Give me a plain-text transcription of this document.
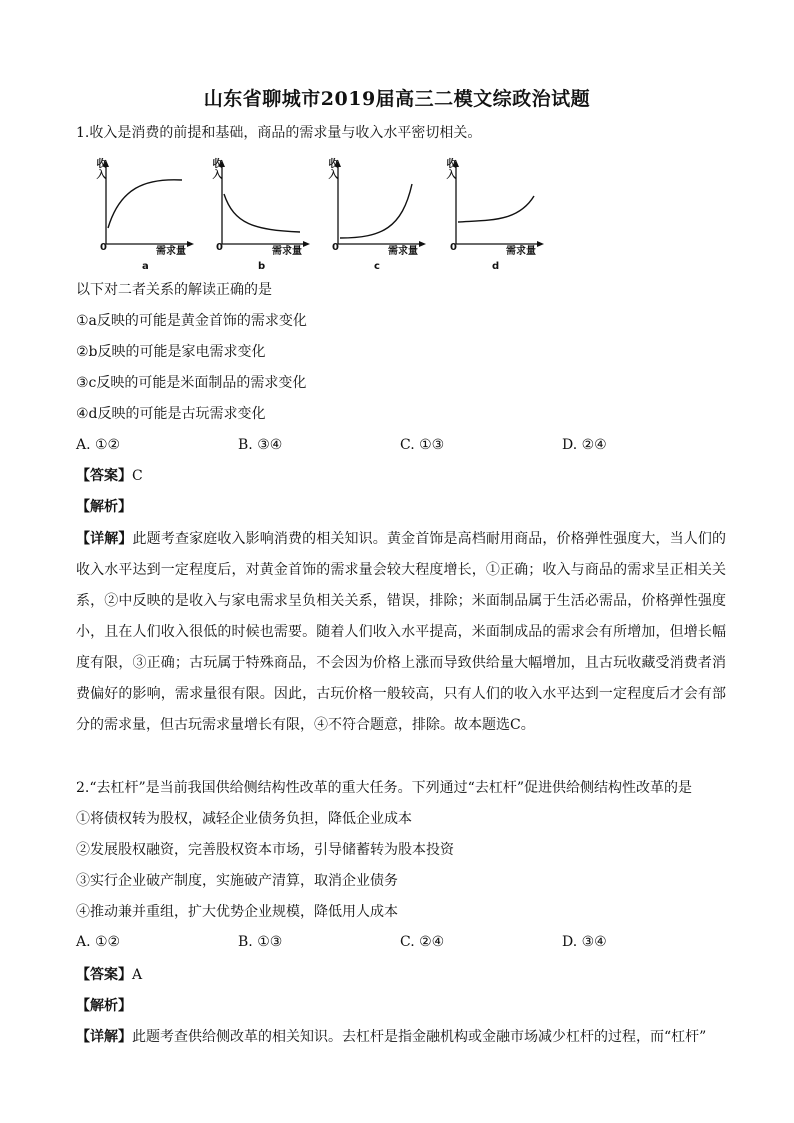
山东省聊城市2019届高三二模文综政治试题
1.收入是消费的前提和基础，商品的需求量与收入水平密切相关。
收入
0	需求量
a
收入
0	需求量
b
收入
0	需求量
c
收入
0	需求量
d
以下对二者关系的解读正确的是
①a反映的可能是黄金首饰的需求变化
②b反映的可能是家电需求变化
③c反映的可能是米面制品的需求变化
④d反映的可能是古玩需求变化
A. ①②	B. ③④	C. ①③	D. ②④
【答案】C
【解析】
【详解】此题考查家庭收入影响消费的相关知识。黄金首饰是高档耐用商品，价格弹性强度大，当人们的收入水平达到一定程度后，对黄金首饰的需求量会较大程度增长，①正确；收入与商品的需求呈正相关关系，②中反映的是收入与家电需求呈负相关关系，错误，排除；米面制品属于生活必需品，价格弹性强度小，且在人们收入很低的时候也需要。随着人们收入水平提高，米面制成品的需求会有所增加，但增长幅度有限，③正确；古玩属于特殊商品，不会因为价格上涨而导致供给量大幅增加，且古玩收藏受消费者消费偏好的影响，需求量很有限。因此，古玩价格一般较高，只有人们的收入水平达到一定程度后才会有部分的需求量，但古玩需求量增长有限，④不符合题意，排除。故本题选C。
2.“去杠杆”是当前我国供给侧结构性改革的重大任务。下列通过“去杠杆”促进供给侧结构性改革的是
①将债权转为股权，减轻企业债务负担，降低企业成本
②发展股权融资，完善股权资本市场，引导储蓄转为股本投资
③实行企业破产制度，实施破产清算，取消企业债务
④推动兼并重组，扩大优势企业规模，降低用人成本
A. ①②	B. ①③	C. ②④	D. ③④
【答案】A
【解析】
【详解】此题考查供给侧改革的相关知识。去杠杆是指金融机构或金融市场减少杠杆的过程，而“杠杆”
